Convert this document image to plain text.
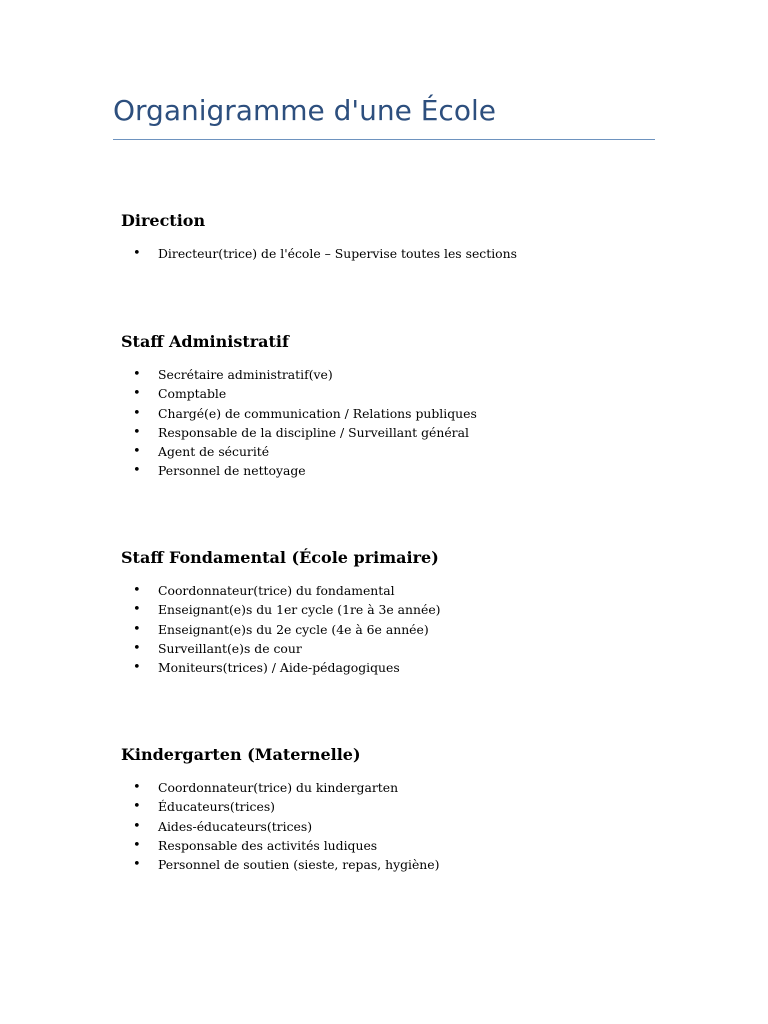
Organigramme d'une École
Direction
• Directeur(trice) de l'école – Supervise toutes les sections
Staff Administratif
• Secrétaire administratif(ve)
• Comptable
• Chargé(e) de communication / Relations publiques
• Responsable de la discipline / Surveillant général
• Agent de sécurité
• Personnel de nettoyage
Staff Fondamental (École primaire)
• Coordonnateur(trice) du fondamental
• Enseignant(e)s du 1er cycle (1re à 3e année)
• Enseignant(e)s du 2e cycle (4e à 6e année)
• Surveillant(e)s de cour
• Moniteurs(trices) / Aide-pédagogiques
Kindergarten (Maternelle)
• Coordonnateur(trice) du kindergarten
• Éducateurs(trices)
• Aides-éducateurs(trices)
• Responsable des activités ludiques
• Personnel de soutien (sieste, repas, hygiène)
